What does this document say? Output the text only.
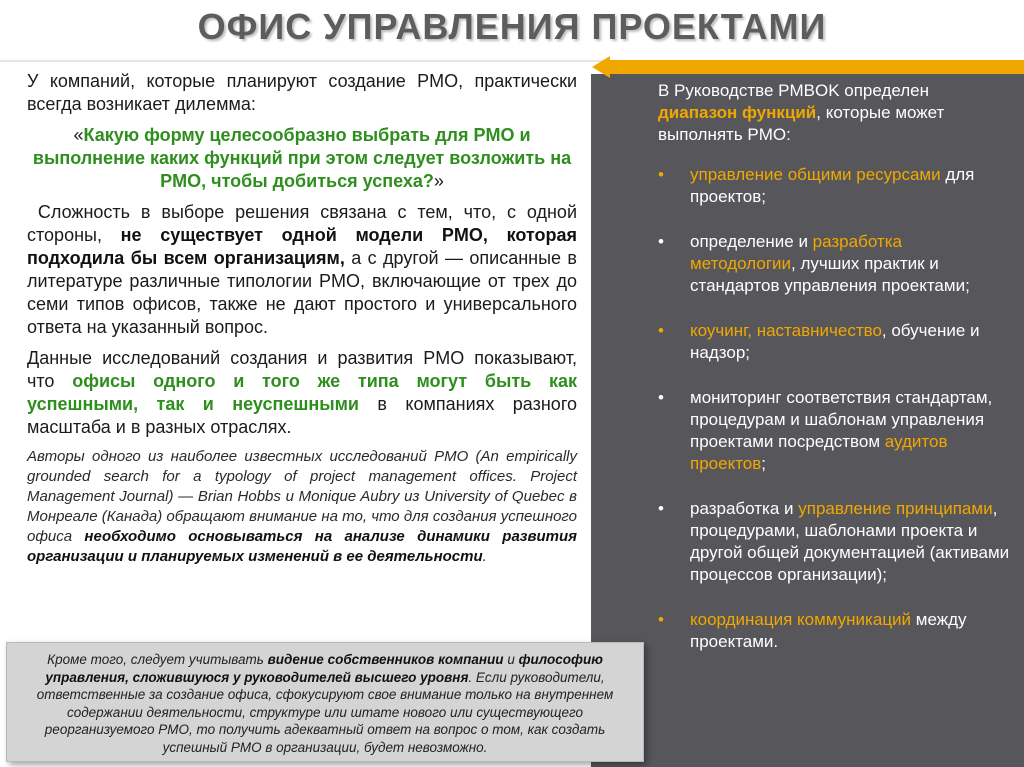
ОФИС УПРАВЛЕНИЯ ПРОЕКТАМИ

У компаний, которые планируют создание PMO, практически всегда возникает дилемма:

«Какую форму целесообразно выбрать для PMO и выполнение каких функций при этом следует возложить на PMO, чтобы добиться успеха?»

Сложность в выборе решения связана с тем, что, с одной стороны, не существует одной модели PMO, которая подходила бы всем организациям, а с другой — описанные в литературе различные типологии PMO, включающие от трех до семи типов офисов, также не дают простого и универсального ответа на указанный вопрос.

Данные исследований создания и развития PMO показывают, что офисы одного и того же типа могут быть как успешными, так и неуспешными в компаниях разного масштаба и в разных отраслях.

Авторы одного из наиболее известных исследований PMO (An empirically grounded search for a typology of project management offices. Project Management Journal) — Brian Hobbs и Monique Aubry из University of Quebec в Монреале (Канада) обращают внимание на то, что для создания успешного офиса необходимо основываться на анализе динамики развития организации и планируемых изменений в ее деятельности.

Кроме того, следует учитывать видение собственников компании и философию управления, сложившуюся у руководителей высшего уровня. Если руководители, ответственные за создание офиса, сфокусируют свое внимание только на внутреннем содержании деятельности, структуре или штате нового или существующего реорганизуемого PMO, то получить адекватный ответ на вопрос о том, как создать успешный PMO в организации, будет невозможно.
В Руководстве PMBOK определен диапазон функций, которые может выполнять PMO:
• управление общими ресурсами для проектов;
• определение и разработка методологии, лучших практик и стандартов управления проектами;
• коучинг, наставничество, обучение и надзор;
• мониторинг соответствия стандартам, процедурам и шаблонам управления проектами посредством аудитов проектов;
• разработка и управление принципами, процедурами, шаблонами проекта и другой общей документацией (активами процессов организации);
• координация коммуникаций между проектами.
